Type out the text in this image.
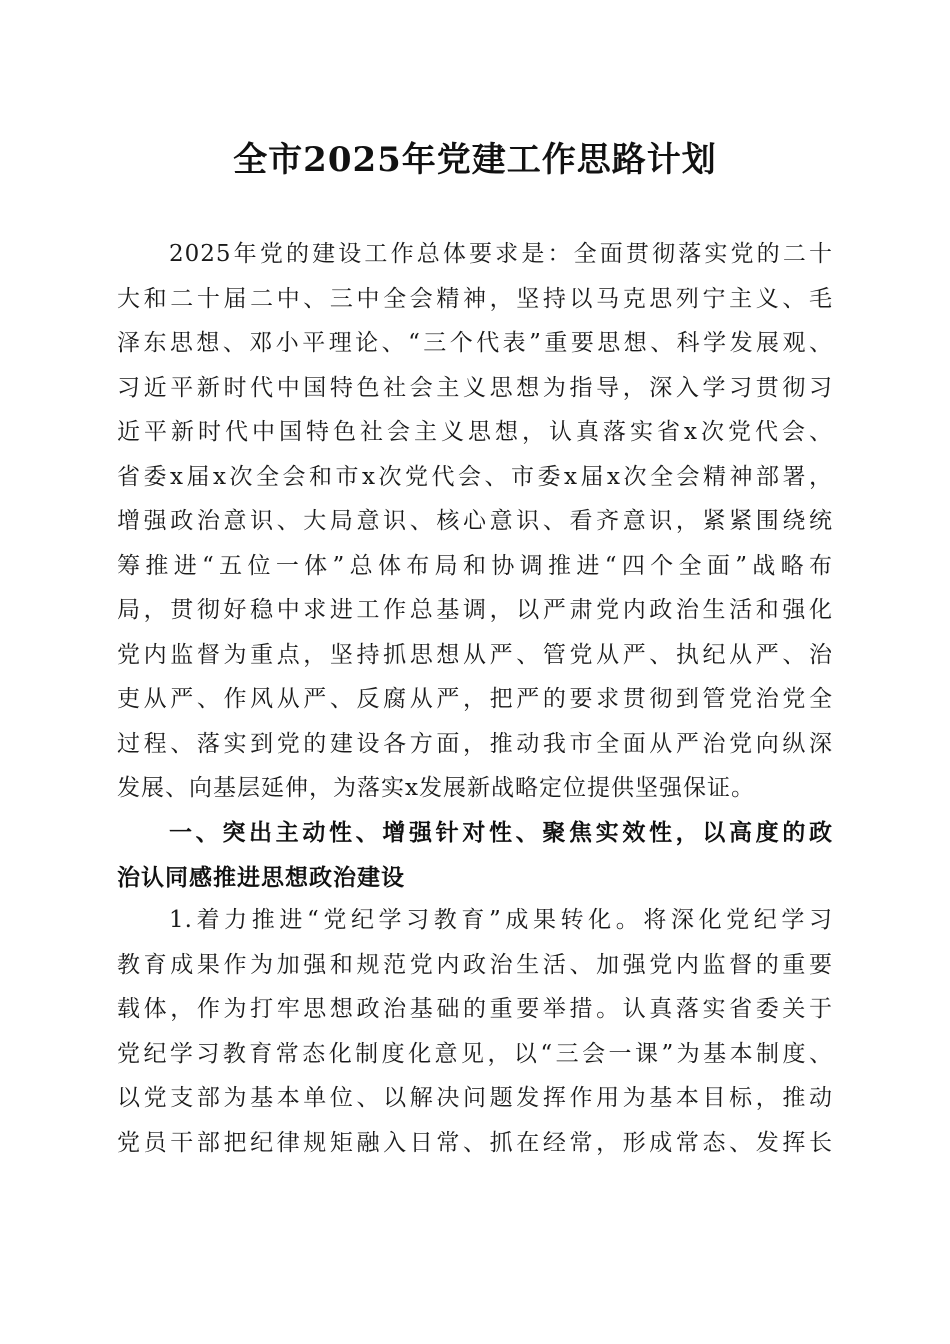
全市2025年党建工作思路计划
2025年党的建设工作总体要求是：全面贯彻落实党的二十
大和二十届二中、三中全会精神，坚持以马克思列宁主义、毛
泽东思想、邓小平理论、“三个代表”重要思想、科学发展观、
习近平新时代中国特色社会主义思想为指导，深入学习贯彻习
近平新时代中国特色社会主义思想，认真落实省x次党代会、
省委x届x次全会和市x次党代会、市委x届x次全会精神部署，
增强政治意识、大局意识、核心意识、看齐意识，紧紧围绕统
筹推进“五位一体”总体布局和协调推进“四个全面”战略布
局，贯彻好稳中求进工作总基调，以严肃党内政治生活和强化
党内监督为重点，坚持抓思想从严、管党从严、执纪从严、治
吏从严、作风从严、反腐从严，把严的要求贯彻到管党治党全
过程、落实到党的建设各方面，推动我市全面从严治党向纵深
发展、向基层延伸，为落实x发展新战略定位提供坚强保证。
一、突出主动性、增强针对性、聚焦实效性，以高度的政
治认同感推进思想政治建设
1.着力推进“党纪学习教育”成果转化。将深化党纪学习
教育成果作为加强和规范党内政治生活、加强党内监督的重要
载体，作为打牢思想政治基础的重要举措。认真落实省委关于
党纪学习教育常态化制度化意见，以“三会一课”为基本制度、
以党支部为基本单位、以解决问题发挥作用为基本目标，推动
党员干部把纪律规矩融入日常、抓在经常，形成常态、发挥长
